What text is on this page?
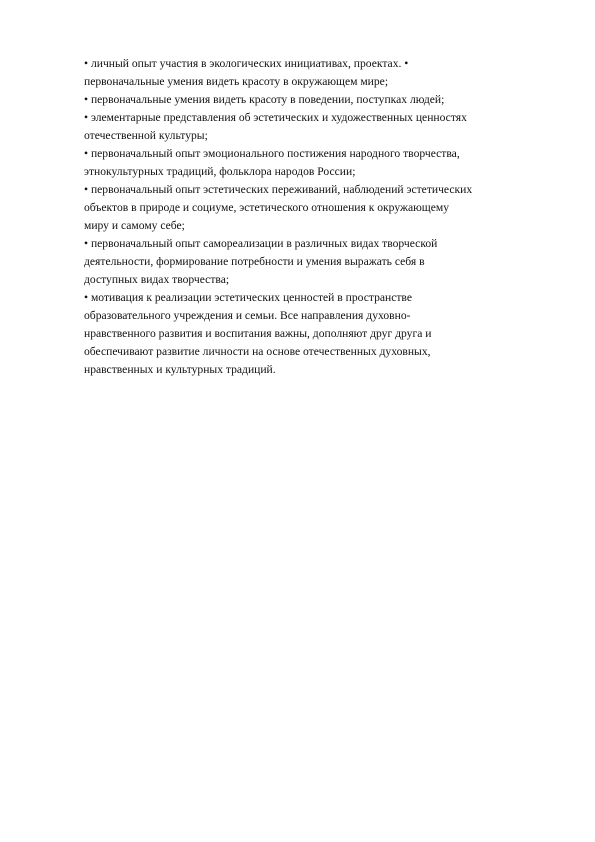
• личный опыт участия в экологических инициативах, проектах. •
первоначальные умения видеть красоту в окружающем мире;
• первоначальные умения видеть красоту в поведении, поступках людей;
• элементарные представления об эстетических и художественных ценностях
отечественной культуры;
• первоначальный опыт эмоционального постижения народного творчества,
этнокультурных традиций, фольклора народов России;
• первоначальный опыт эстетических переживаний, наблюдений эстетических
объектов в природе и социуме, эстетического отношения к окружающему
миру и самому себе;
• первоначальный опыт самореализации в различных видах творческой
деятельности, формирование потребности и умения выражать себя в
доступных видах творчества;
• мотивация к реализации эстетических ценностей в пространстве
образовательного учреждения и семьи. Все направления духовно-
нравственного развития и воспитания важны, дополняют друг друга и
обеспечивают развитие личности на основе отечественных духовных,
нравственных и культурных традиций.
